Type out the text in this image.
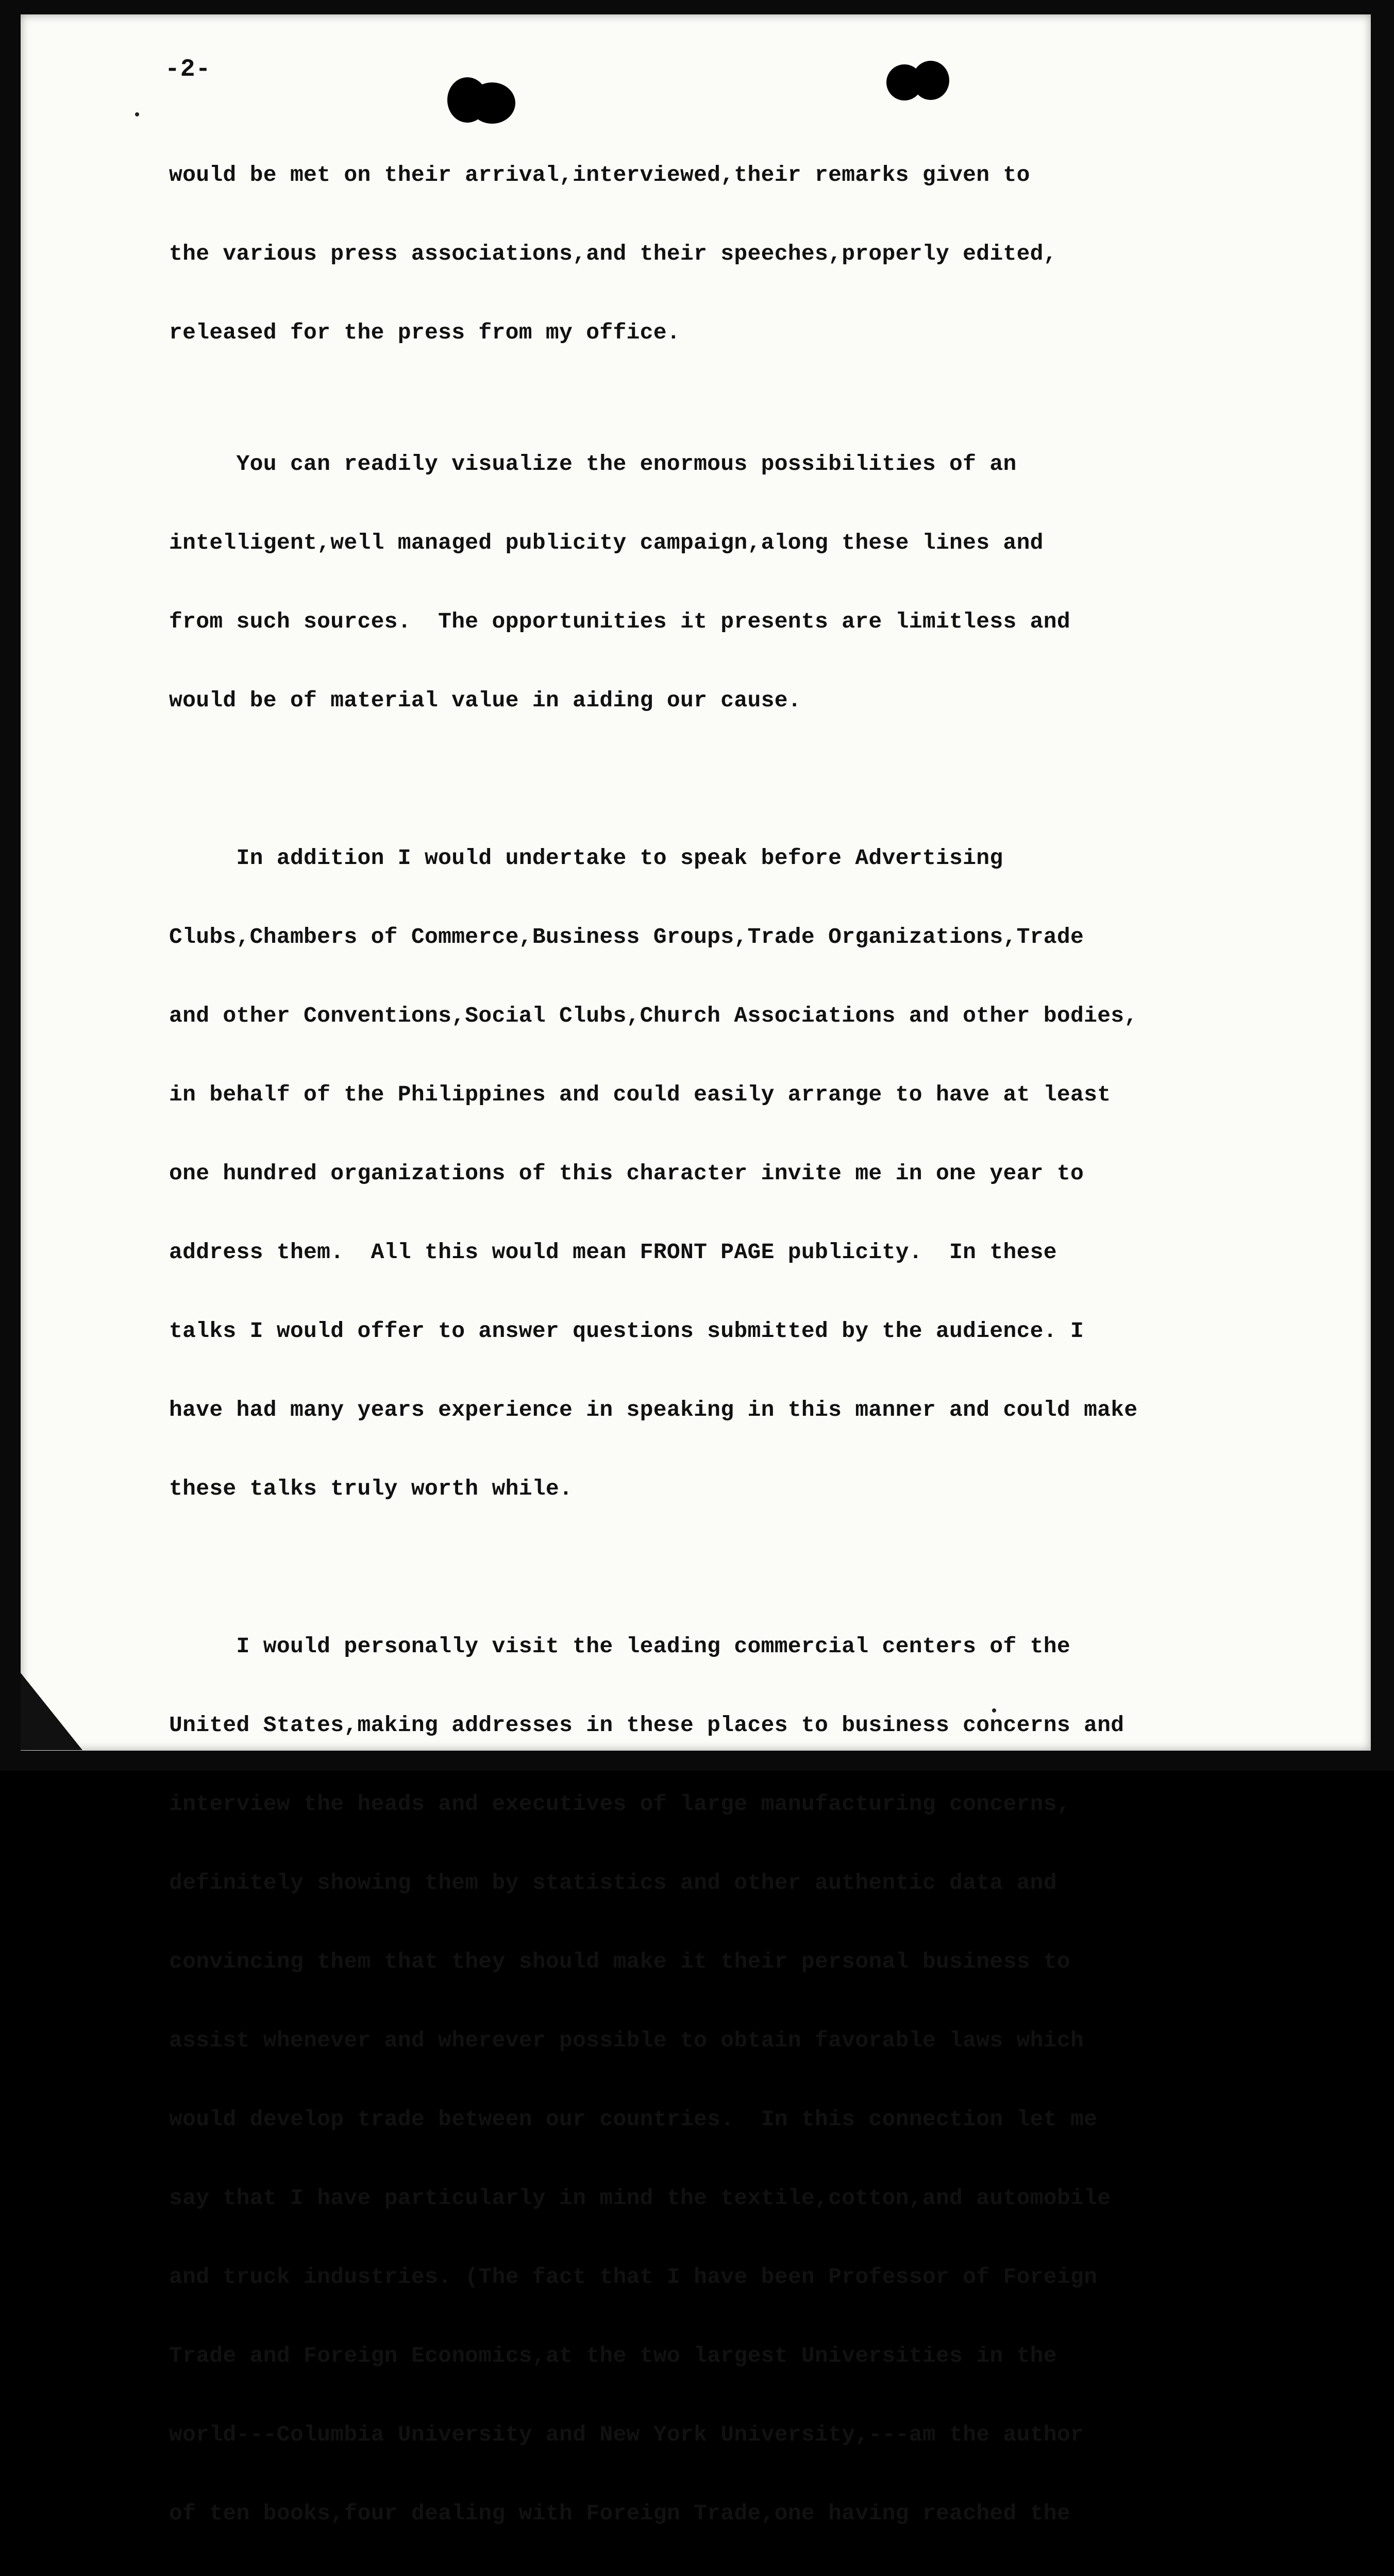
-2-

would be met on their arrival,interviewed,their remarks given to

the various press associations,and their speeches,properly edited,

released for the press from my office.

You can readily visualize the enormous possibilities of an

intelligent,well managed publicity campaign,along these lines and

from such sources.  The opportunities it presents are limitless and

would be of material value in aiding our cause.

In addition I would undertake to speak before Advertising

Clubs,Chambers of Commerce,Business Groups,Trade Organizations,Trade

and other Conventions,Social Clubs,Church Associations and other bodies,

in behalf of the Philippines and could easily arrange to have at least

one hundred organizations of this character invite me in one year to

address them.  All this would mean FRONT PAGE publicity.  In these

talks I would offer to answer questions submitted by the audience. I

have had many years experience in speaking in this manner and could make

these talks truly worth while.

I would personally visit the leading commercial centers of the

United States,making addresses in these places to business concerns and

interview the heads and executives of large manufacturing concerns,

definitely showing them by statistics and other authentic data and

convincing them that they should make it their personal business to

assist whenever and wherever possible to obtain favorable laws which

would develop trade between our countries.  In this connection let me

say that I have particularly in mind the textile,cotton,and automobile

and truck industries. (The fact that I have been Professor of Foreign

Trade and Foreign Economics,at the two largest Universities in the

world---Columbia University and New York University,---am the author

of ten books,four dealing with Foreign Trade,one having reached the
